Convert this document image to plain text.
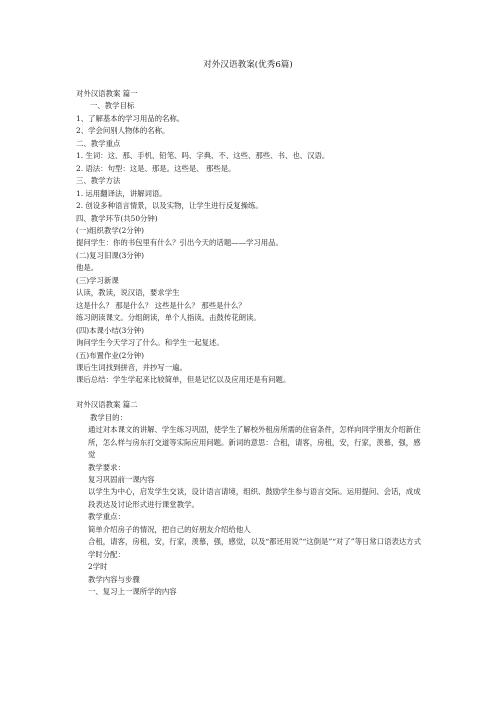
对外汉语教案(优秀6篇)
对外汉语教案 篇一
一、教学目标
1、了解基本的学习用品的名称。
2、学会问别人物体的名称。
二、教学重点
1. 生词：这、那、手机、铅笔、吗、字典、不、这些、那些、书、也、汉语。
2. 语法：句型：这是、那是。这些是、 那些是。
三、教学方法
1. 运用翻译法，讲解词语。
2. 创设多种语言情景，以及实物，让学生进行反复操练。
四、教学环节(共50分钟)
(一)组织教学(2分钟)
提问学生：你的书包里有什么？引出今天的话题——学习用品。
(二)复习旧课(3分钟)
他是。
(三)学习新课
认读，教读，说汉语，要求学生
这是什么？ 那是什么？ 这些是什么？ 那些是什么？
练习朗读课文。分组朗读，单个人指读。击鼓传花朗读。
(四)本课小结(3分钟)
询问学生今天学习了什么。和学生一起复述。
(五)布置作业(2分钟)
课后生词找到拼音，并抄写一遍。
课后总结：学生学起来比较简单，但是记忆以及应用还是有问题。
对外汉语教案 篇二
教学目的：
通过对本课文的讲解、学生练习巩固，使学生了解校外租房所需的住宿条件，怎样向同学朋友介绍新住所，怎么样与房东打交道等实际应用问题。新词的意思：合租，请客，房租，安，行家，羡慕，强，感觉
教学要求：
复习巩固前一课内容
以学生为中心，启发学生交谈，设计语言请境，组织、鼓励学生参与语言交际。运用提问、会话，成成段表达及讨论形式进行课堂教学。
教学重点：
简单介绍房子的情况，把自己的好朋友介绍给他人
合租，请客，房租，安，行家，羡慕，强，感觉，以及“都还用说”“这倒是”“对了”等日常口语表达方式
学时分配：
2学时
教学内容与步骤
一、复习上一课所学的内容
